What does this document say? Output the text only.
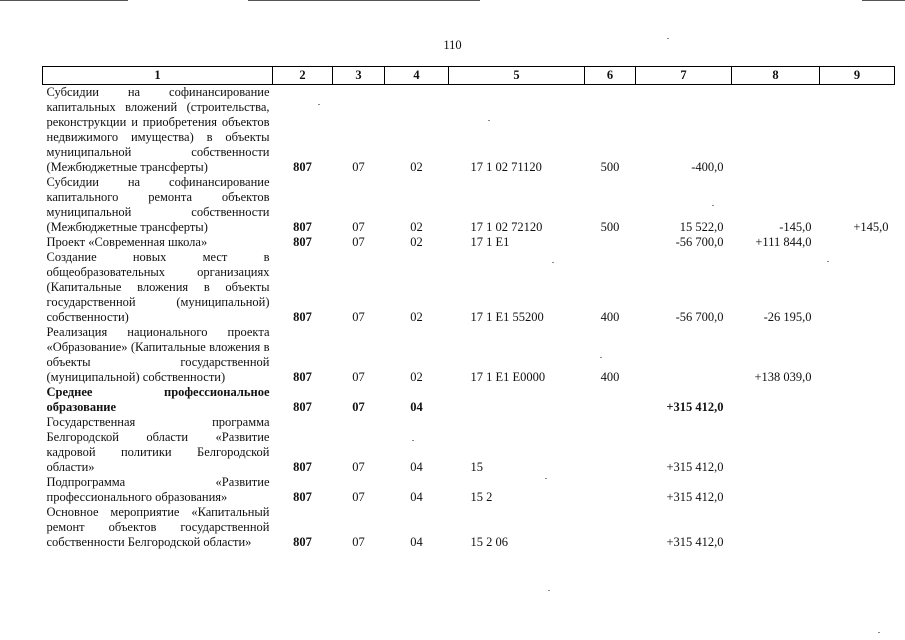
110
1	2	3	4	5	6	7	8	9
Субсидии на софинансирование капитальных вложений (строительства, реконструкции и приобретения объектов недвижимого имущества) в объекты муниципальной собственности (Межбюджетные трансферты)	807	07	02	17 1 02 71120	500	-400,0		
Субсидии на софинансирование капитального ремонта объектов муниципальной собственности (Межбюджетные трансферты)	807	07	02	17 1 02 72120	500	15 522,0	-145,0	+145,0
Проект «Современная школа»	807	07	02	17 1 E1		-56 700,0	+111 844,0	
Создание новых мест в общеобразовательных организациях (Капитальные вложения в объекты государственной (муниципальной) собственности)	807	07	02	17 1 E1 55200	400	-56 700,0	-26 195,0	
Реализация национального проекта «Образование» (Капитальные вложения в объекты государственной (муниципальной) собственности)	807	07	02	17 1 E1 E0000	400		+138 039,0	
Среднее профессиональное образование	807	07	04			+315 412,0		
Государственная программа Белгородской области «Развитие кадровой политики Белгородской области»	807	07	04	15		+315 412,0		
Подпрограмма «Развитие профессионального образования»	807	07	04	15 2		+315 412,0		
Основное мероприятие «Капитальный ремонт объектов государственной собственности Белгородской области»	807	07	04	15 2 06		+315 412,0		
